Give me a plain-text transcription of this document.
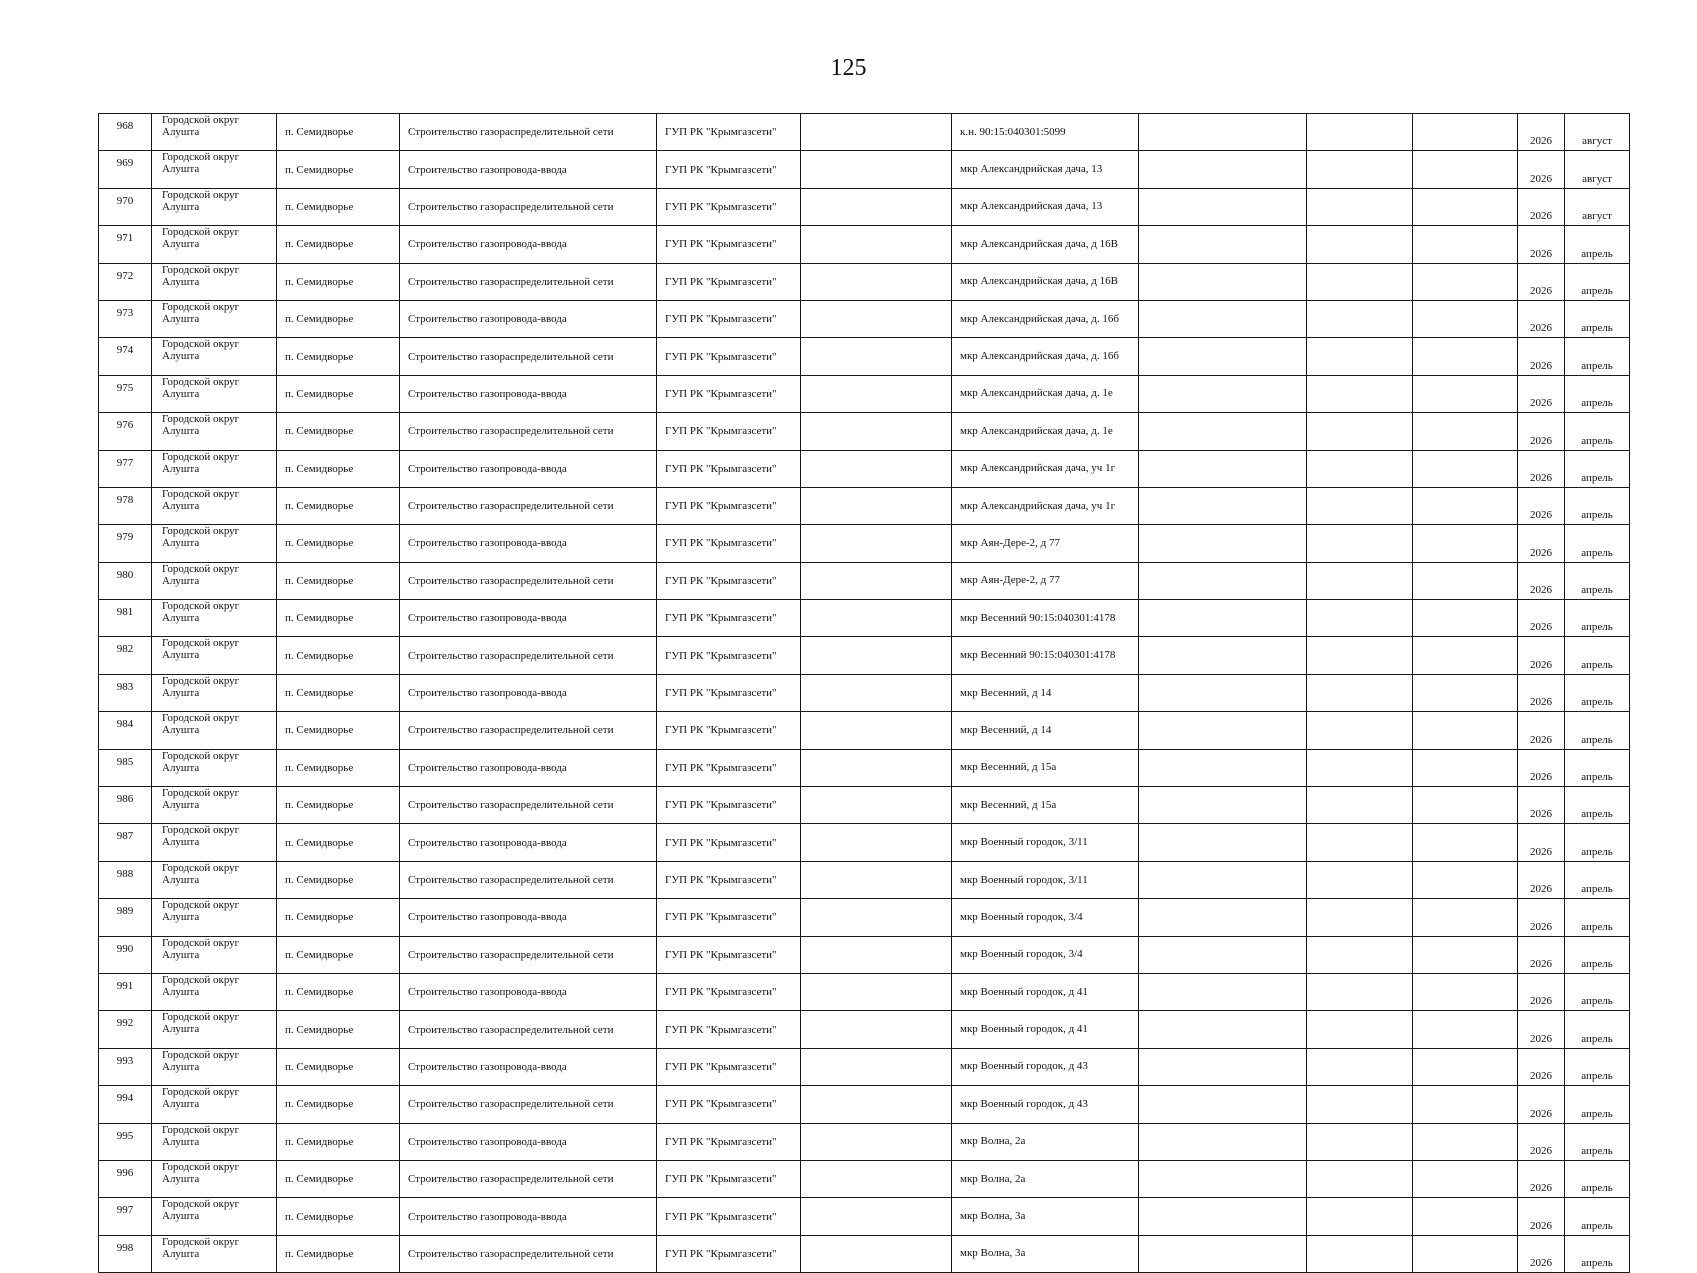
125
968	Городской округ Алушта	п. Семидворье	Строительство газораспределительной сети	ГУП РК "Крымгазсети"		к.н. 90:15:040301:5099				2026	август
969	Городской округ Алушта	п. Семидворье	Строительство газопровода-ввода	ГУП РК "Крымгазсети"		мкр Александрийская дача, 13				2026	август
970	Городской округ Алушта	п. Семидворье	Строительство газораспределительной сети	ГУП РК "Крымгазсети"		мкр Александрийская дача, 13				2026	август
971	Городской округ Алушта	п. Семидворье	Строительство газопровода-ввода	ГУП РК "Крымгазсети"		мкр Александрийская дача, д 16В				2026	апрель
972	Городской округ Алушта	п. Семидворье	Строительство газораспределительной сети	ГУП РК "Крымгазсети"		мкр Александрийская дача, д 16В				2026	апрель
973	Городской округ Алушта	п. Семидворье	Строительство газопровода-ввода	ГУП РК "Крымгазсети"		мкр Александрийская дача, д. 16б				2026	апрель
974	Городской округ Алушта	п. Семидворье	Строительство газораспределительной сети	ГУП РК "Крымгазсети"		мкр Александрийская дача, д. 16б				2026	апрель
975	Городской округ Алушта	п. Семидворье	Строительство газопровода-ввода	ГУП РК "Крымгазсети"		мкр Александрийская дача, д. 1е				2026	апрель
976	Городской округ Алушта	п. Семидворье	Строительство газораспределительной сети	ГУП РК "Крымгазсети"		мкр Александрийская дача, д. 1е				2026	апрель
977	Городской округ Алушта	п. Семидворье	Строительство газопровода-ввода	ГУП РК "Крымгазсети"		мкр Александрийская дача, уч 1г				2026	апрель
978	Городской округ Алушта	п. Семидворье	Строительство газораспределительной сети	ГУП РК "Крымгазсети"		мкр Александрийская дача, уч 1г				2026	апрель
979	Городской округ Алушта	п. Семидворье	Строительство газопровода-ввода	ГУП РК "Крымгазсети"		мкр Аян-Дере-2, д 77				2026	апрель
980	Городской округ Алушта	п. Семидворье	Строительство газораспределительной сети	ГУП РК "Крымгазсети"		мкр Аян-Дере-2, д 77				2026	апрель
981	Городской округ Алушта	п. Семидворье	Строительство газопровода-ввода	ГУП РК "Крымгазсети"		мкр Весенний 90:15:040301:4178				2026	апрель
982	Городской округ Алушта	п. Семидворье	Строительство газораспределительной сети	ГУП РК "Крымгазсети"		мкр Весенний 90:15:040301:4178				2026	апрель
983	Городской округ Алушта	п. Семидворье	Строительство газопровода-ввода	ГУП РК "Крымгазсети"		мкр Весенний, д 14				2026	апрель
984	Городской округ Алушта	п. Семидворье	Строительство газораспределительной сети	ГУП РК "Крымгазсети"		мкр Весенний, д 14				2026	апрель
985	Городской округ Алушта	п. Семидворье	Строительство газопровода-ввода	ГУП РК "Крымгазсети"		мкр Весенний, д 15а				2026	апрель
986	Городской округ Алушта	п. Семидворье	Строительство газораспределительной сети	ГУП РК "Крымгазсети"		мкр Весенний, д 15а				2026	апрель
987	Городской округ Алушта	п. Семидворье	Строительство газопровода-ввода	ГУП РК "Крымгазсети"		мкр Военный городок, 3/11				2026	апрель
988	Городской округ Алушта	п. Семидворье	Строительство газораспределительной сети	ГУП РК "Крымгазсети"		мкр Военный городок, 3/11				2026	апрель
989	Городской округ Алушта	п. Семидворье	Строительство газопровода-ввода	ГУП РК "Крымгазсети"		мкр Военный городок, 3/4				2026	апрель
990	Городской округ Алушта	п. Семидворье	Строительство газораспределительной сети	ГУП РК "Крымгазсети"		мкр Военный городок, 3/4				2026	апрель
991	Городской округ Алушта	п. Семидворье	Строительство газопровода-ввода	ГУП РК "Крымгазсети"		мкр Военный городок, д 41				2026	апрель
992	Городской округ Алушта	п. Семидворье	Строительство газораспределительной сети	ГУП РК "Крымгазсети"		мкр Военный городок, д 41				2026	апрель
993	Городской округ Алушта	п. Семидворье	Строительство газопровода-ввода	ГУП РК "Крымгазсети"		мкр Военный городок, д 43				2026	апрель
994	Городской округ Алушта	п. Семидворье	Строительство газораспределительной сети	ГУП РК "Крымгазсети"		мкр Военный городок, д 43				2026	апрель
995	Городской округ Алушта	п. Семидворье	Строительство газопровода-ввода	ГУП РК "Крымгазсети"		мкр Волна, 2а				2026	апрель
996	Городской округ Алушта	п. Семидворье	Строительство газораспределительной сети	ГУП РК "Крымгазсети"		мкр Волна, 2а				2026	апрель
997	Городской округ Алушта	п. Семидворье	Строительство газопровода-ввода	ГУП РК "Крымгазсети"		мкр Волна, 3а				2026	апрель
998	Городской округ Алушта	п. Семидворье	Строительство газораспределительной сети	ГУП РК "Крымгазсети"		мкр Волна, 3а				2026	апрель
